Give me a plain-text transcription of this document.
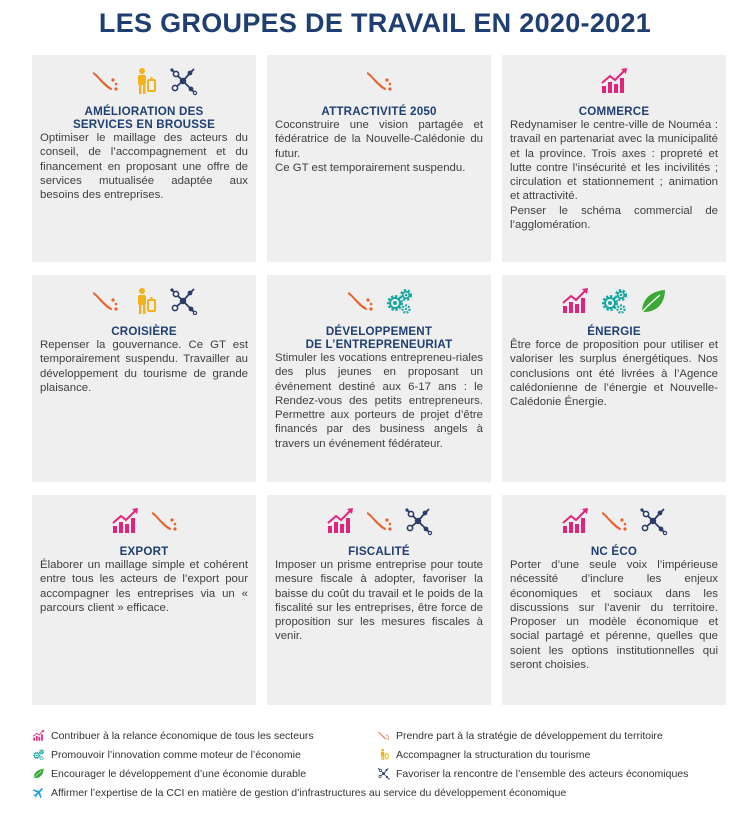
LES GROUPES DE TRAVAIL EN 2020-2021
AMÉLIORATION DES
SERVICES EN BROUSSE
Optimiser le maillage des acteurs du conseil, de l’accompagnement et du financement en proposant une offre de services mutualisée adaptée aux besoins des entreprises.
ATTRACTIVITÉ 2050
Coconstruire une vision partagée et fédératrice de la Nouvelle-Calédonie du futur.
Ce GT est temporairement suspendu.
COMMERCE
Redynamiser le centre-ville de Nouméa : travail en partenariat avec la municipalité et la province. Trois axes : propreté et lutte contre l’insécurité et les incivilités ; circulation et stationnement ; animation et attractivité.
Penser le schéma commercial de l’agglomération.
CROISIÈRE
Repenser la gouvernance. Ce GT est temporairement suspendu. Travailler au développement du tourisme de grande plaisance.
DÉVELOPPEMENT
DE L’ENTREPRENEURIAT
Stimuler les vocations entrepreneu-riales des plus jeunes en proposant un événement destiné aux 6-17 ans : le Rendez-vous des petits entrepreneurs. Permettre aux porteurs de projet d’être financés par des business angels à travers un événement fédérateur.
ÉNERGIE
Être force de proposition pour utiliser et valoriser les surplus énergétiques. Nos conclusions ont été livrées à l’Agence calédonienne de l’énergie et Nouvelle-Calédonie Énergie.
EXPORT
Élaborer un maillage simple et cohérent entre tous les acteurs de l’export pour accompagner les entreprises via un « parcours client » efficace.
FISCALITÉ
Imposer un prisme entreprise pour toute mesure fiscale à adopter, favoriser la baisse du coût du travail et le poids de la fiscalité sur les entreprises, être force de proposition sur les mesures fiscales à venir.
NC ÉCO
Porter d’une seule voix l’impérieuse nécessité d’inclure les enjeux économiques et sociaux dans les discussions sur l’avenir du territoire. Proposer un modèle économique et social partagé et pérenne, quelles que soient les options institutionnelles qui seront choisies.
Contribuer à la relance économique de tous les secteurs	Prendre part à la stratégie de développement du territoire
Promouvoir l’innovation comme moteur de l’économie	Accompagner la structuration du tourisme
Encourager le développement d’une économie durable	Favoriser la rencontre de l’ensemble des acteurs économiques
Affirmer l’expertise de la CCI en matière de gestion d’infrastructures au service du développement économique
